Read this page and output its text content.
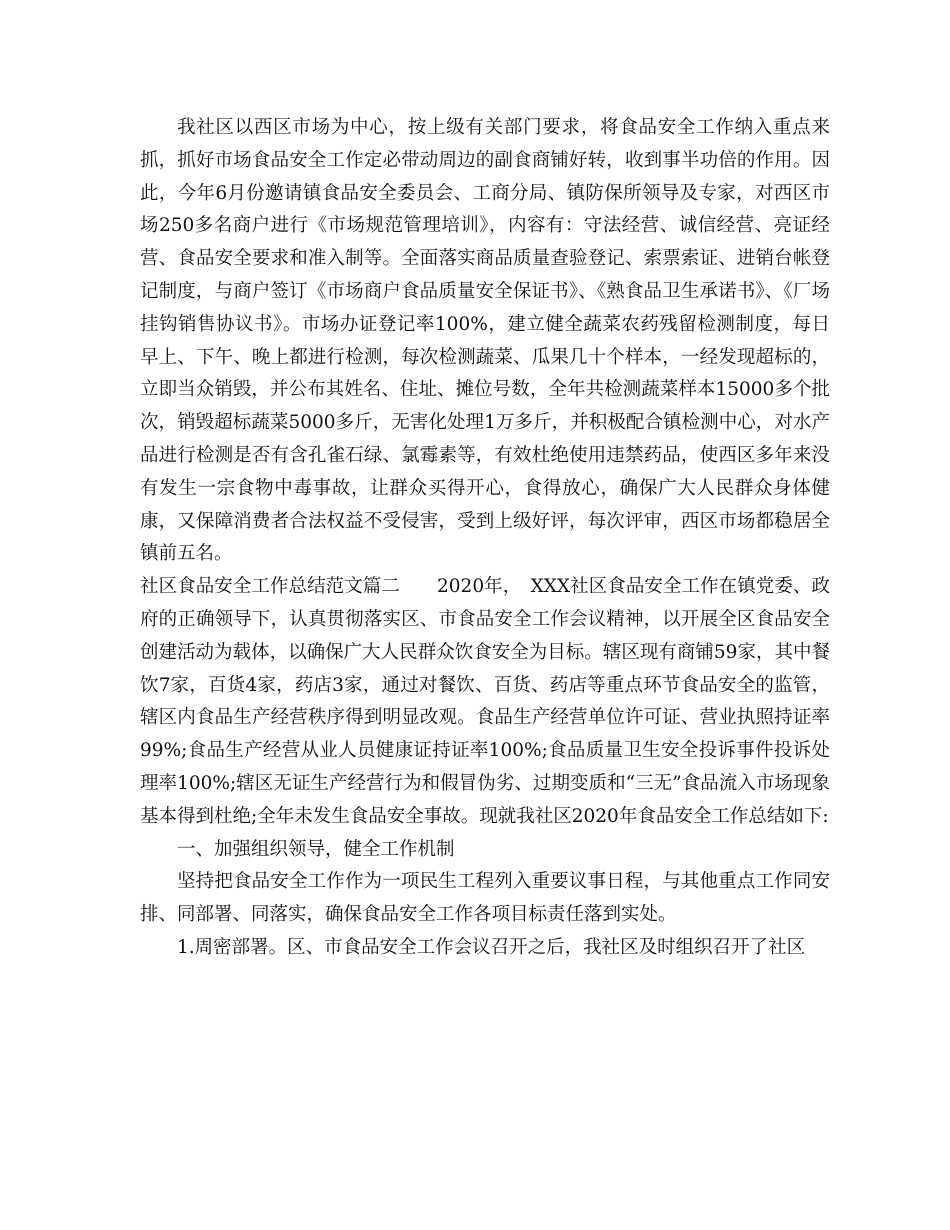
我社区以西区市场为中心，按上级有关部门要求，将食品安全工作纳入重点来抓，抓好市场食品安全工作定必带动周边的副食商铺好转，收到事半功倍的作用。因此，今年6月份邀请镇食品安全委员会、工商分局、镇防保所领导及专家，对西区市场250多名商户进行《市场规范管理培训》，内容有：守法经营、诚信经营、亮证经营、食品安全要求和准入制等。全面落实商品质量查验登记、索票索证、进销台帐登记制度，与商户签订《市场商户食品质量安全保证书》、《熟食品卫生承诺书》、《厂场挂钩销售协议书》。市场办证登记率100%，建立健全蔬菜农药残留检测制度，每日早上、下午、晚上都进行检测，每次检测蔬菜、瓜果几十个样本，一经发现超标的，立即当众销毁，并公布其姓名、住址、摊位号数，全年共检测蔬菜样本15000多个批次，销毁超标蔬菜5000多斤，无害化处理1万多斤，并积极配合镇检测中心，对水产品进行检测是否有含孔雀石绿、氯霉素等，有效杜绝使用违禁药品，使西区多年来没有发生一宗食物中毒事故，让群众买得开心，食得放心，确保广大人民群众身体健康，又保障消费者合法权益不受侵害，受到上级好评，每次评审，西区市场都稳居全镇前五名。

社区食品安全工作总结范文篇二　　2020年，　XXX社区食品安全工作在镇党委、政府的正确领导下，认真贯彻落实区、市食品安全工作会议精神，以开展全区食品安全创建活动为载体，以确保广大人民群众饮食安全为目标。辖区现有商铺59家，其中餐饮7家，百货4家，药店3家，通过对餐饮、百货、药店等重点环节食品安全的监管，辖区内食品生产经营秩序得到明显改观。食品生产经营单位许可证、营业执照持证率99%;食品生产经营从业人员健康证持证率100%;食品质量卫生安全投诉事件投诉处理率100%;辖区无证生产经营行为和假冒伪劣、过期变质和“三无”食品流入市场现象基本得到杜绝;全年未发生食品安全事故。现就我社区2020年食品安全工作总结如下:

一、加强组织领导，健全工作机制

坚持把食品安全工作作为一项民生工程列入重要议事日程，与其他重点工作同安排、同部署、同落实，确保食品安全工作各项目标责任落到实处。

1.周密部署。区、市食品安全工作会议召开之后，我社区及时组织召开了社区
